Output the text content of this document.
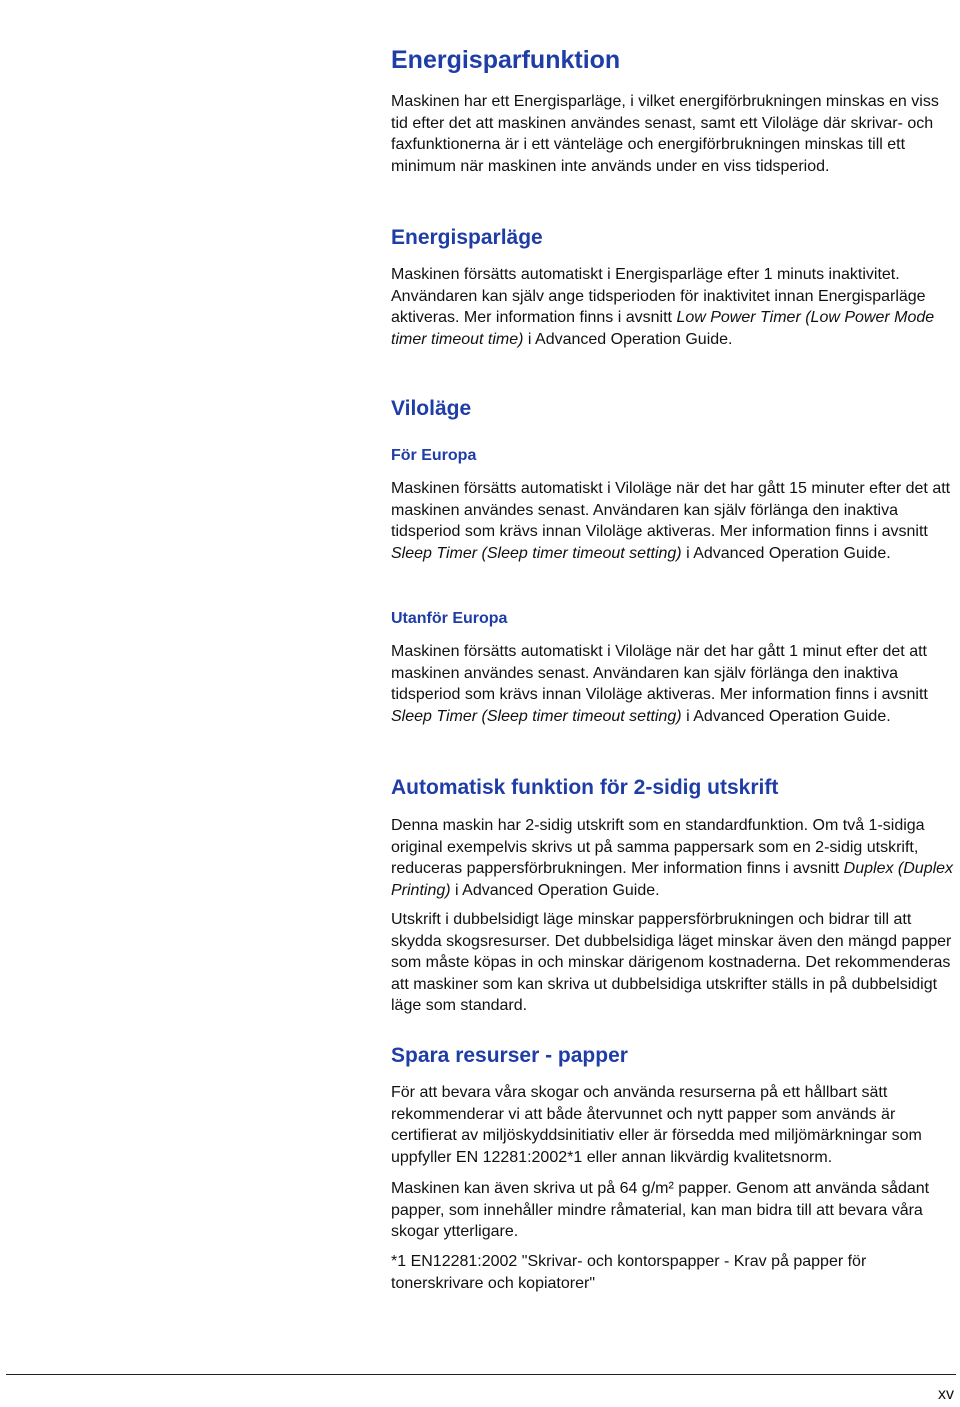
Energisparfunktion

Maskinen har ett Energisparläge, i vilket energiförbrukningen minskas en viss tid efter det att maskinen användes senast, samt ett Viloläge där skrivar- och faxfunktionerna är i ett vänteläge och energiförbrukningen minskas till ett minimum när maskinen inte används under en viss tidsperiod.

Energisparläge

Maskinen försätts automatiskt i Energisparläge efter 1 minuts inaktivitet. Användaren kan själv ange tidsperioden för inaktivitet innan Energisparläge aktiveras. Mer information finns i avsnitt Low Power Timer (Low Power Mode timer timeout time) i Advanced Operation Guide.

Viloläge
För Europa

Maskinen försätts automatiskt i Viloläge när det har gått 15 minuter efter det att maskinen användes senast. Användaren kan själv förlänga den inaktiva tidsperiod som krävs innan Viloläge aktiveras. Mer information finns i avsnitt Sleep Timer (Sleep timer timeout setting) i Advanced Operation Guide.

Utanför Europa

Maskinen försätts automatiskt i Viloläge när det har gått 1 minut efter det att maskinen användes senast. Användaren kan själv förlänga den inaktiva tidsperiod som krävs innan Viloläge aktiveras. Mer information finns i avsnitt Sleep Timer (Sleep timer timeout setting) i Advanced Operation Guide.

Automatisk funktion för 2-sidig utskrift

Denna maskin har 2-sidig utskrift som en standardfunktion. Om två 1-sidiga original exempelvis skrivs ut på samma pappersark som en 2-sidig utskrift, reduceras pappersförbrukningen. Mer information finns i avsnitt Duplex (Duplex Printing) i Advanced Operation Guide.

Utskrift i dubbelsidigt läge minskar pappersförbrukningen och bidrar till att skydda skogsresurser. Det dubbelsidiga läget minskar även den mängd papper som måste köpas in och minskar därigenom kostnaderna. Det rekommenderas att maskiner som kan skriva ut dubbelsidiga utskrifter ställs in på dubbelsidigt läge som standard.

Spara resurser - papper

För att bevara våra skogar och använda resurserna på ett hållbart sätt rekommenderar vi att både återvunnet och nytt papper som används är certifierat av miljöskyddsinitiativ eller är försedda med miljömärkningar som uppfyller EN 12281:2002*1 eller annan likvärdig kvalitetsnorm.

Maskinen kan även skriva ut på 64 g/m² papper. Genom att använda sådant papper, som innehåller mindre råmaterial, kan man bidra till att bevara våra skogar ytterligare.

*1 EN12281:2002 "Skrivar- och kontorspapper - Krav på papper för tonerskrivare och kopiatorer"

xv
